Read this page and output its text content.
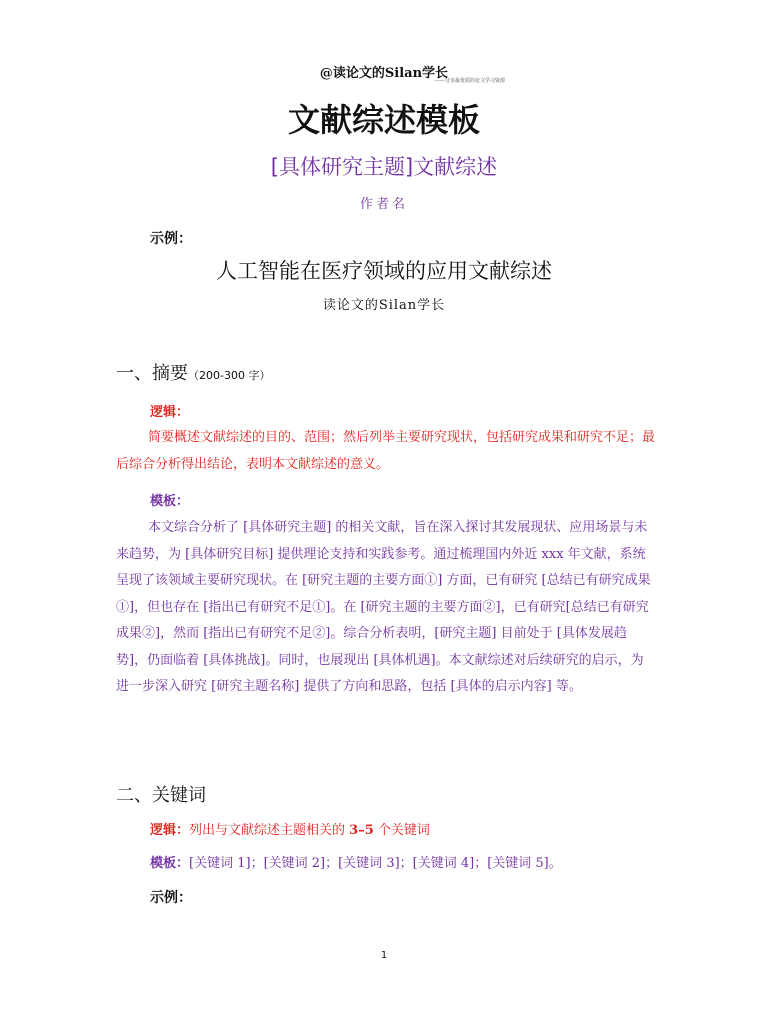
@读论文的Silan学长
——分享最优质的论文学习资源
文献综述模板
[具体研究主题]文献综述
作者名
示例：
人工智能在医疗领域的应用文献综述
读论文的Silan学长
一、摘要（200-300 字）
逻辑：
简要概述文献综述的目的、范围；然后列举主要研究现状，包括研究成果和研究不足；最后综合分析得出结论，表明本文献综述的意义。
模板：
本文综合分析了 [具体研究主题] 的相关文献，旨在深入探讨其发展现状、应用场景与未来趋势，为 [具体研究目标] 提供理论支持和实践参考。通过梳理国内外近 xxx 年文献，系统呈现了该领域主要研究现状。在 [研究主题的主要方面①] 方面，已有研究 [总结已有研究成果①]，但也存在 [指出已有研究不足①]。在 [研究主题的主要方面②]，已有研究[总结已有研究成果②]，然而 [指出已有研究不足②]。综合分析表明，[研究主题] 目前处于 [具体发展趋势]，仍面临着 [具体挑战]。同时，也展现出 [具体机遇]。本文献综述对后续研究的启示，为进一步深入研究 [研究主题名称] 提供了方向和思路，包括 [具体的启示内容] 等。
二、关键词
逻辑：列出与文献综述主题相关的 3–5 个关键词
模板：[关键词 1]；[关键词 2]；[关键词 3]；[关键词 4]；[关键词 5]。
示例：
1
